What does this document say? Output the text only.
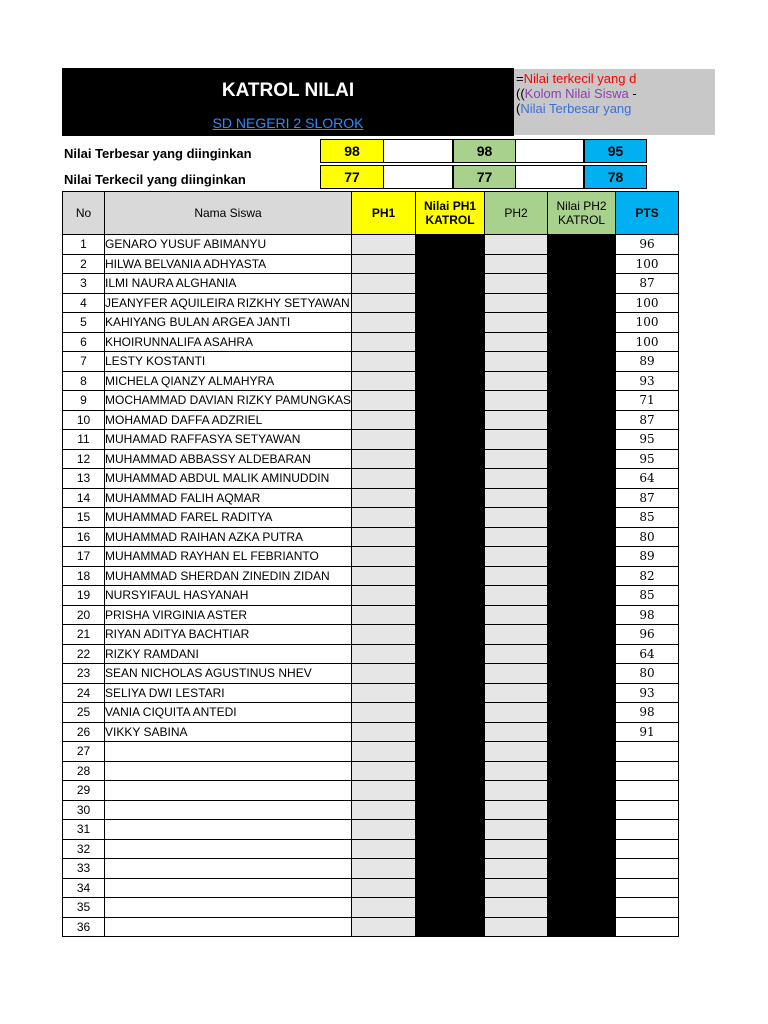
KATROL NILAI
SD NEGERI 2 SLOROK
=Nilai terkecil yang d
((Kolom Nilai Siswa -
(Nilai Terbesar yang
Nilai Terbesar yang diinginkan	98	98	95
Nilai Terkecil yang diinginkan	77	77	78
No	Nama Siswa	PH1	Nilai PH1 KATROL	PH2	Nilai PH2 KATROL	PTS
1	GENARO YUSUF ABIMANYU					96
2	HILWA BELVANIA ADHYASTA					100
3	ILMI NAURA ALGHANIA					87
4	JEANYFER AQUILEIRA RIZKHY SETYAWAN					100
5	KAHIYANG BULAN ARGEA JANTI					100
6	KHOIRUNNALIFA ASAHRA					100
7	LESTY KOSTANTI					89
8	MICHELA QIANZY ALMAHYRA					93
9	MOCHAMMAD DAVIAN RIZKY PAMUNGKAS					71
10	MOHAMAD DAFFA ADZRIEL					87
11	MUHAMAD RAFFASYA SETYAWAN					95
12	MUHAMMAD ABBASSY ALDEBARAN					95
13	MUHAMMAD ABDUL MALIK AMINUDDIN					64
14	MUHAMMAD FALIH AQMAR					87
15	MUHAMMAD FAREL RADITYA					85
16	MUHAMMAD RAIHAN AZKA PUTRA					80
17	MUHAMMAD RAYHAN EL FEBRIANTO					89
18	MUHAMMAD SHERDAN ZINEDIN ZIDAN					82
19	NURSYIFAUL HASYANAH					85
20	PRISHA VIRGINIA ASTER					98
21	RIYAN ADITYA BACHTIAR					96
22	RIZKY RAMDANI					64
23	SEAN NICHOLAS AGUSTINUS NHEV					80
24	SELIYA DWI LESTARI					93
25	VANIA CIQUITA ANTEDI					98
26	VIKKY SABINA					91
27						
28						
29						
30						
31						
32						
33						
34						
35						
36						
